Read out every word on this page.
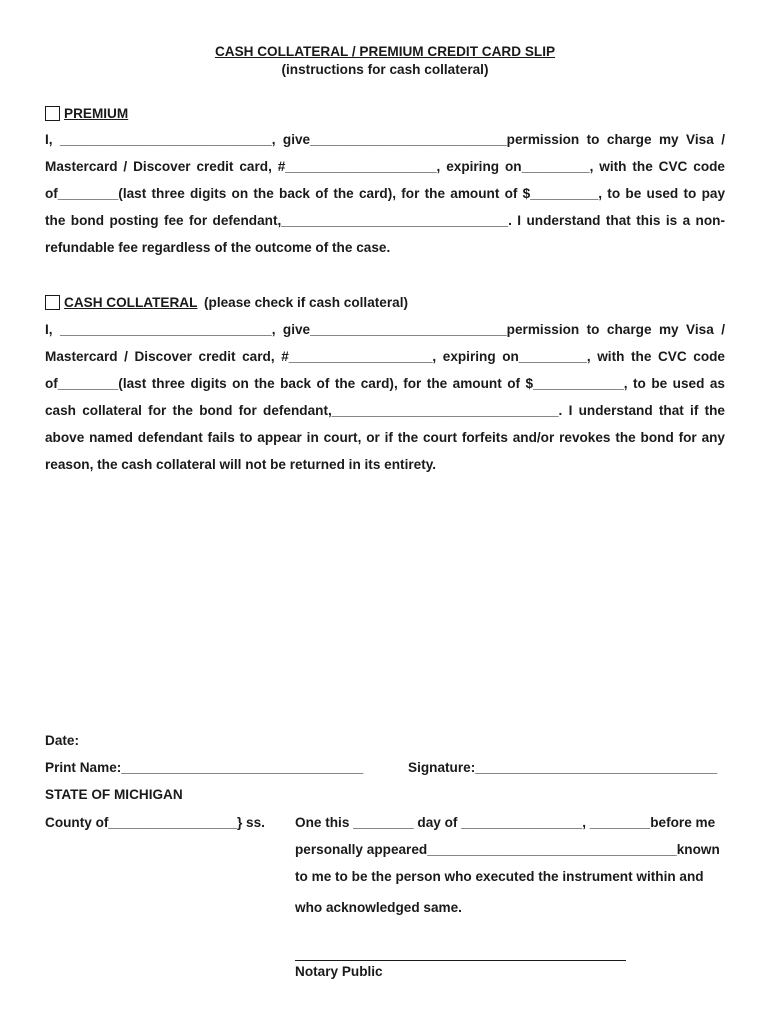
CASH COLLATERAL / PREMIUM CREDIT CARD SLIP
(instructions for cash collateral)
PREMIUM
I, ____________________________, give__________________________permission to charge my Visa /
Mastercard / Discover credit card, #____________________, expiring on_________, with the CVC code
of________(last three digits on the back of the card), for the amount of $_________, to be used to pay
the bond posting fee for defendant,______________________________. I understand that this is a non-
refundable fee regardless of the outcome of the case.
CASH COLLATERAL (please check if cash collateral)
I, ____________________________, give__________________________permission to charge my Visa /
Mastercard / Discover credit card, #___________________, expiring on_________, with the CVC code
of________(last three digits on the back of the card), for the amount of $____________, to be used as
cash collateral for the bond for defendant,______________________________. I understand that if the
above named defendant fails to appear in court, or if the court forfeits and/or revokes the bond for any
reason, the cash collateral will not be returned in its entirety.
Date:
Print Name:________________________________	Signature:________________________________
STATE OF MICHIGAN
County of_________________} ss. One this ________ day of ________________, ________before me
personally appeared_________________________________known
to me to be the person who executed the instrument within and
who acknowledged same.
Notary Public
